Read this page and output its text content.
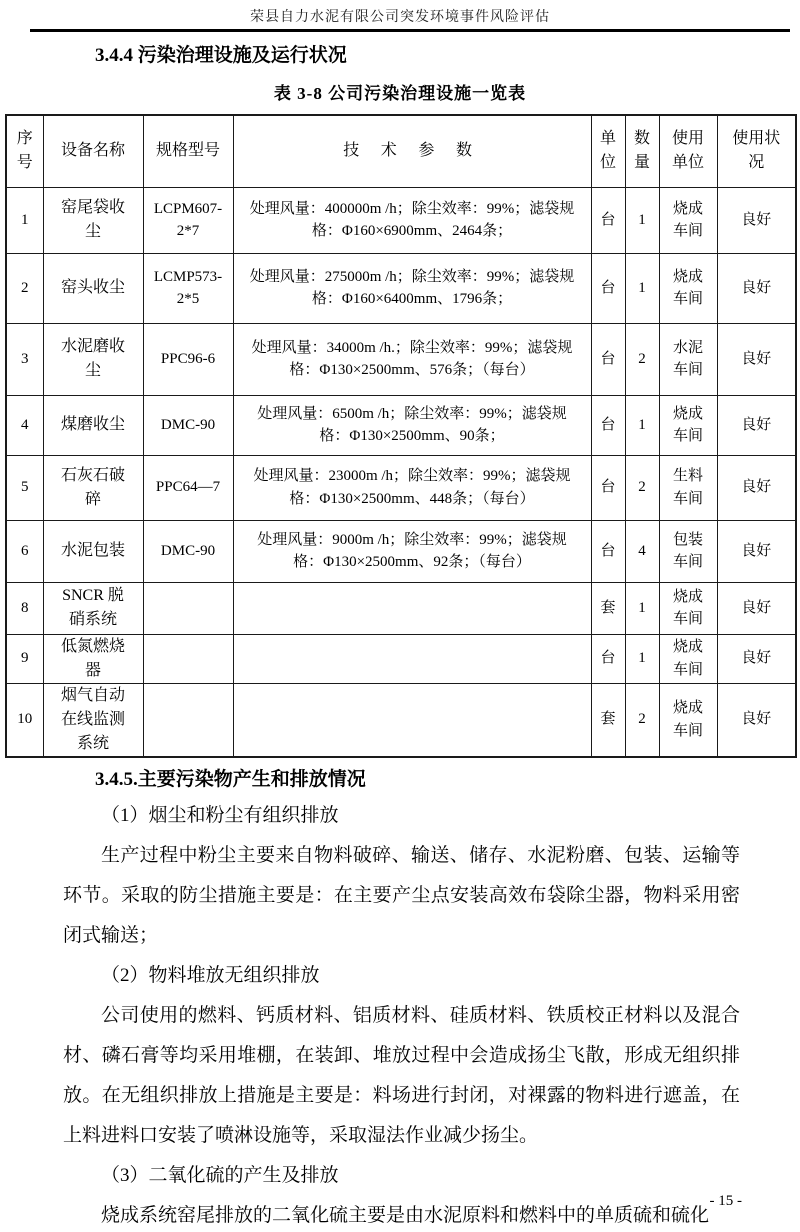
荣县自力水泥有限公司突发环境事件风险评估
3.4.4 污染治理设施及运行状况
表 3-8 公司污染治理设施一览表
序号	设备名称	规格型号	技 术 参 数	单位	数量	使用单位	使用状况
1	窑尾袋收尘	LCPM607-2*7	处理风量：400000m /h；除尘效率：99%；滤袋规格：Φ160×6900mm、2464条；	台	1	烧成车间	良好
2	窑头收尘	LCMP573-2*5	处理风量：275000m /h；除尘效率：99%；滤袋规格：Φ160×6400mm、1796条；	台	1	烧成车间	良好
3	水泥磨收尘	PPC96-6	处理风量：34000m /h.；除尘效率：99%；滤袋规格：Φ130×2500mm、576条；（每台）	台	2	水泥车间	良好
4	煤磨收尘	DMC-90	处理风量：6500m /h；除尘效率：99%；滤袋规格：Φ130×2500mm、90条；	台	1	烧成车间	良好
5	石灰石破碎	PPC64—7	处理风量：23000m /h；除尘效率：99%；滤袋规格：Φ130×2500mm、448条；（每台）	台	2	生料车间	良好
6	水泥包装	DMC-90	处理风量：9000m /h；除尘效率：99%；滤袋规格：Φ130×2500mm、92条；（每台）	台	4	包装车间	良好
8	SNCR 脱硝系统			套	1	烧成车间	良好
9	低氮燃烧器			台	1	烧成车间	良好
10	烟气自动在线监测系统			套	2	烧成车间	良好
3.4.5.主要污染物产生和排放情况

（1）烟尘和粉尘有组织排放

生产过程中粉尘主要来自物料破碎、输送、储存、水泥粉磨、包装、运输等环节。采取的防尘措施主要是：在主要产尘点安装高效布袋除尘器，物料采用密闭式输送；

（2）物料堆放无组织排放

公司使用的燃料、钙质材料、铝质材料、硅质材料、铁质校正材料以及混合材、磷石膏等均采用堆棚，在装卸、堆放过程中会造成扬尘飞散，形成无组织排放。在无组织排放上措施是主要是：料场进行封闭，对裸露的物料进行遮盖，在上料进料口安装了喷淋设施等，采取湿法作业减少扬尘。

（3）二氧化硫的产生及排放

烧成系统窑尾排放的二氧化硫主要是由水泥原料和燃料中的单质硫和硫化

- 15 -
